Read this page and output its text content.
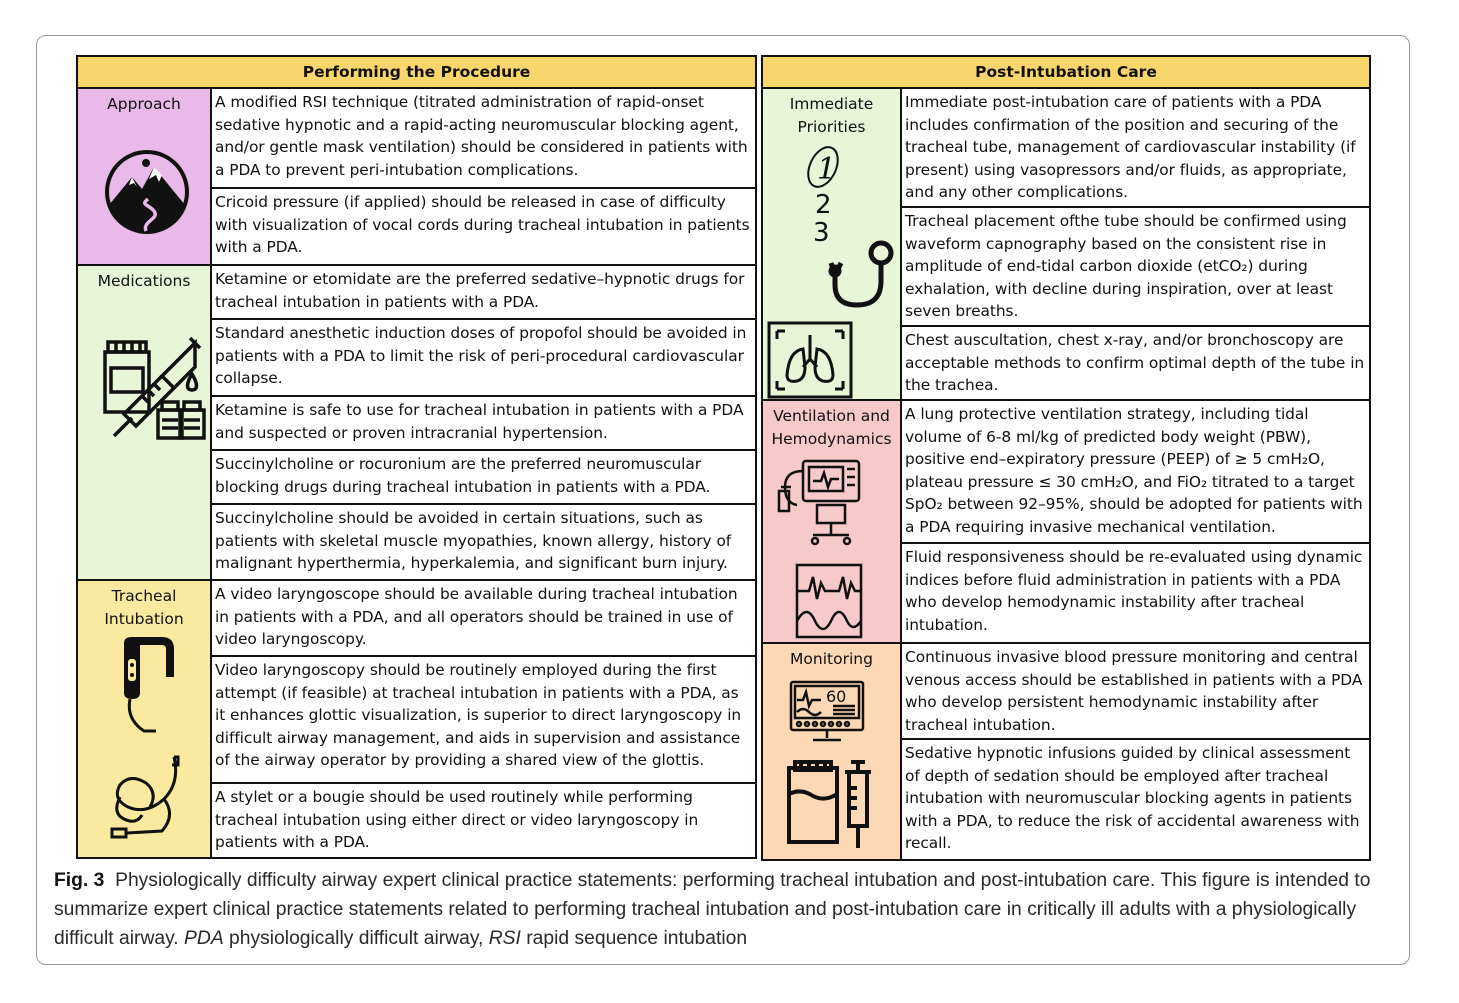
Performing the Procedure
Approach	A modified RSI technique (titrated administration of rapid-onset sedative hypnotic and a rapid-acting neuromuscular blocking agent, and/or gentle mask ventilation) should be considered in patients with a PDA to prevent peri-intubation complications.
Cricoid pressure (if applied) should be released in case of difficulty with visualization of vocal cords during tracheal intubation in patients with a PDA.
Medications	Ketamine or etomidate are the preferred sedative–hypnotic drugs for tracheal intubation in patients with a PDA.
Standard anesthetic induction doses of propofol should be avoided in patients with a PDA to limit the risk of peri-procedural cardiovascular collapse.
Ketamine is safe to use for tracheal intubation in patients with a PDA and suspected or proven intracranial hypertension.
Succinylcholine or rocuronium are the preferred neuromuscular blocking drugs during tracheal intubation in patients with a PDA.
Succinylcholine should be avoided in certain situations, such as patients with skeletal muscle myopathies, known allergy, history of malignant hyperthermia, hyperkalemia, and significant burn injury.
Tracheal
Intubation
A video laryngoscope should be available during tracheal intubation in patients with a PDA, and all operators should be trained in use of video laryngoscopy.
Video laryngoscopy should be routinely employed during the first attempt (if feasible) at tracheal intubation in patients with a PDA, as it enhances glottic visualization, is superior to direct laryngoscopy in difficult airway management, and aids in supervision and assistance of the airway operator by providing a shared view of the glottis.
A stylet or a bougie should be used routinely while performing tracheal intubation using either direct or video laryngoscopy in patients with a PDA.
Post-Intubation Care
Immediate
Priorities
1
2
3
Immediate post-intubation care of patients with a PDA includes confirmation of the position and securing of the tracheal tube, management of cardiovascular instability (if present) using vasopressors and/or fluids, as appropriate, and any other complications.
Tracheal placement ofthe tube should be confirmed using waveform capnography based on the consistent rise in amplitude of end-tidal carbon dioxide (etCO₂) during exhalation, with decline during inspiration, over at least seven breaths.
Chest auscultation, chest x-ray, and/or bronchoscopy are acceptable methods to confirm optimal depth of the tube in the trachea.
Ventilation and
Hemodynamics
A lung protective ventilation strategy, including tidal volume of 6-8 ml/kg of predicted body weight (PBW), positive end–expiratory pressure (PEEP) of ≥ 5 cmH₂O, plateau pressure ≤ 30 cmH₂O, and FiO₂ titrated to a target SpO₂ between 92–95%, should be adopted for patients with a PDA requiring invasive mechanical ventilation.
Fluid responsiveness should be re-evaluated using dynamic indices before fluid administration in patients with a PDA who develop hemodynamic instability after tracheal intubation.
Monitoring
60
Continuous invasive blood pressure monitoring and central venous access should be established in patients with a PDA who develop persistent hemodynamic instability after tracheal intubation.
Sedative hypnotic infusions guided by clinical assessment of depth of sedation should be employed after tracheal intubation with neuromuscular blocking agents in patients with a PDA, to reduce the risk of accidental awareness with recall.
Fig. 3 Physiologically difficulty airway expert clinical practice statements: performing tracheal intubation and post-intubation care. This figure is intended to summarize expert clinical practice statements related to performing tracheal intubation and post-intubation care in critically ill adults with a physiologically difficult airway. PDA physiologically difficult airway, RSI rapid sequence intubation
